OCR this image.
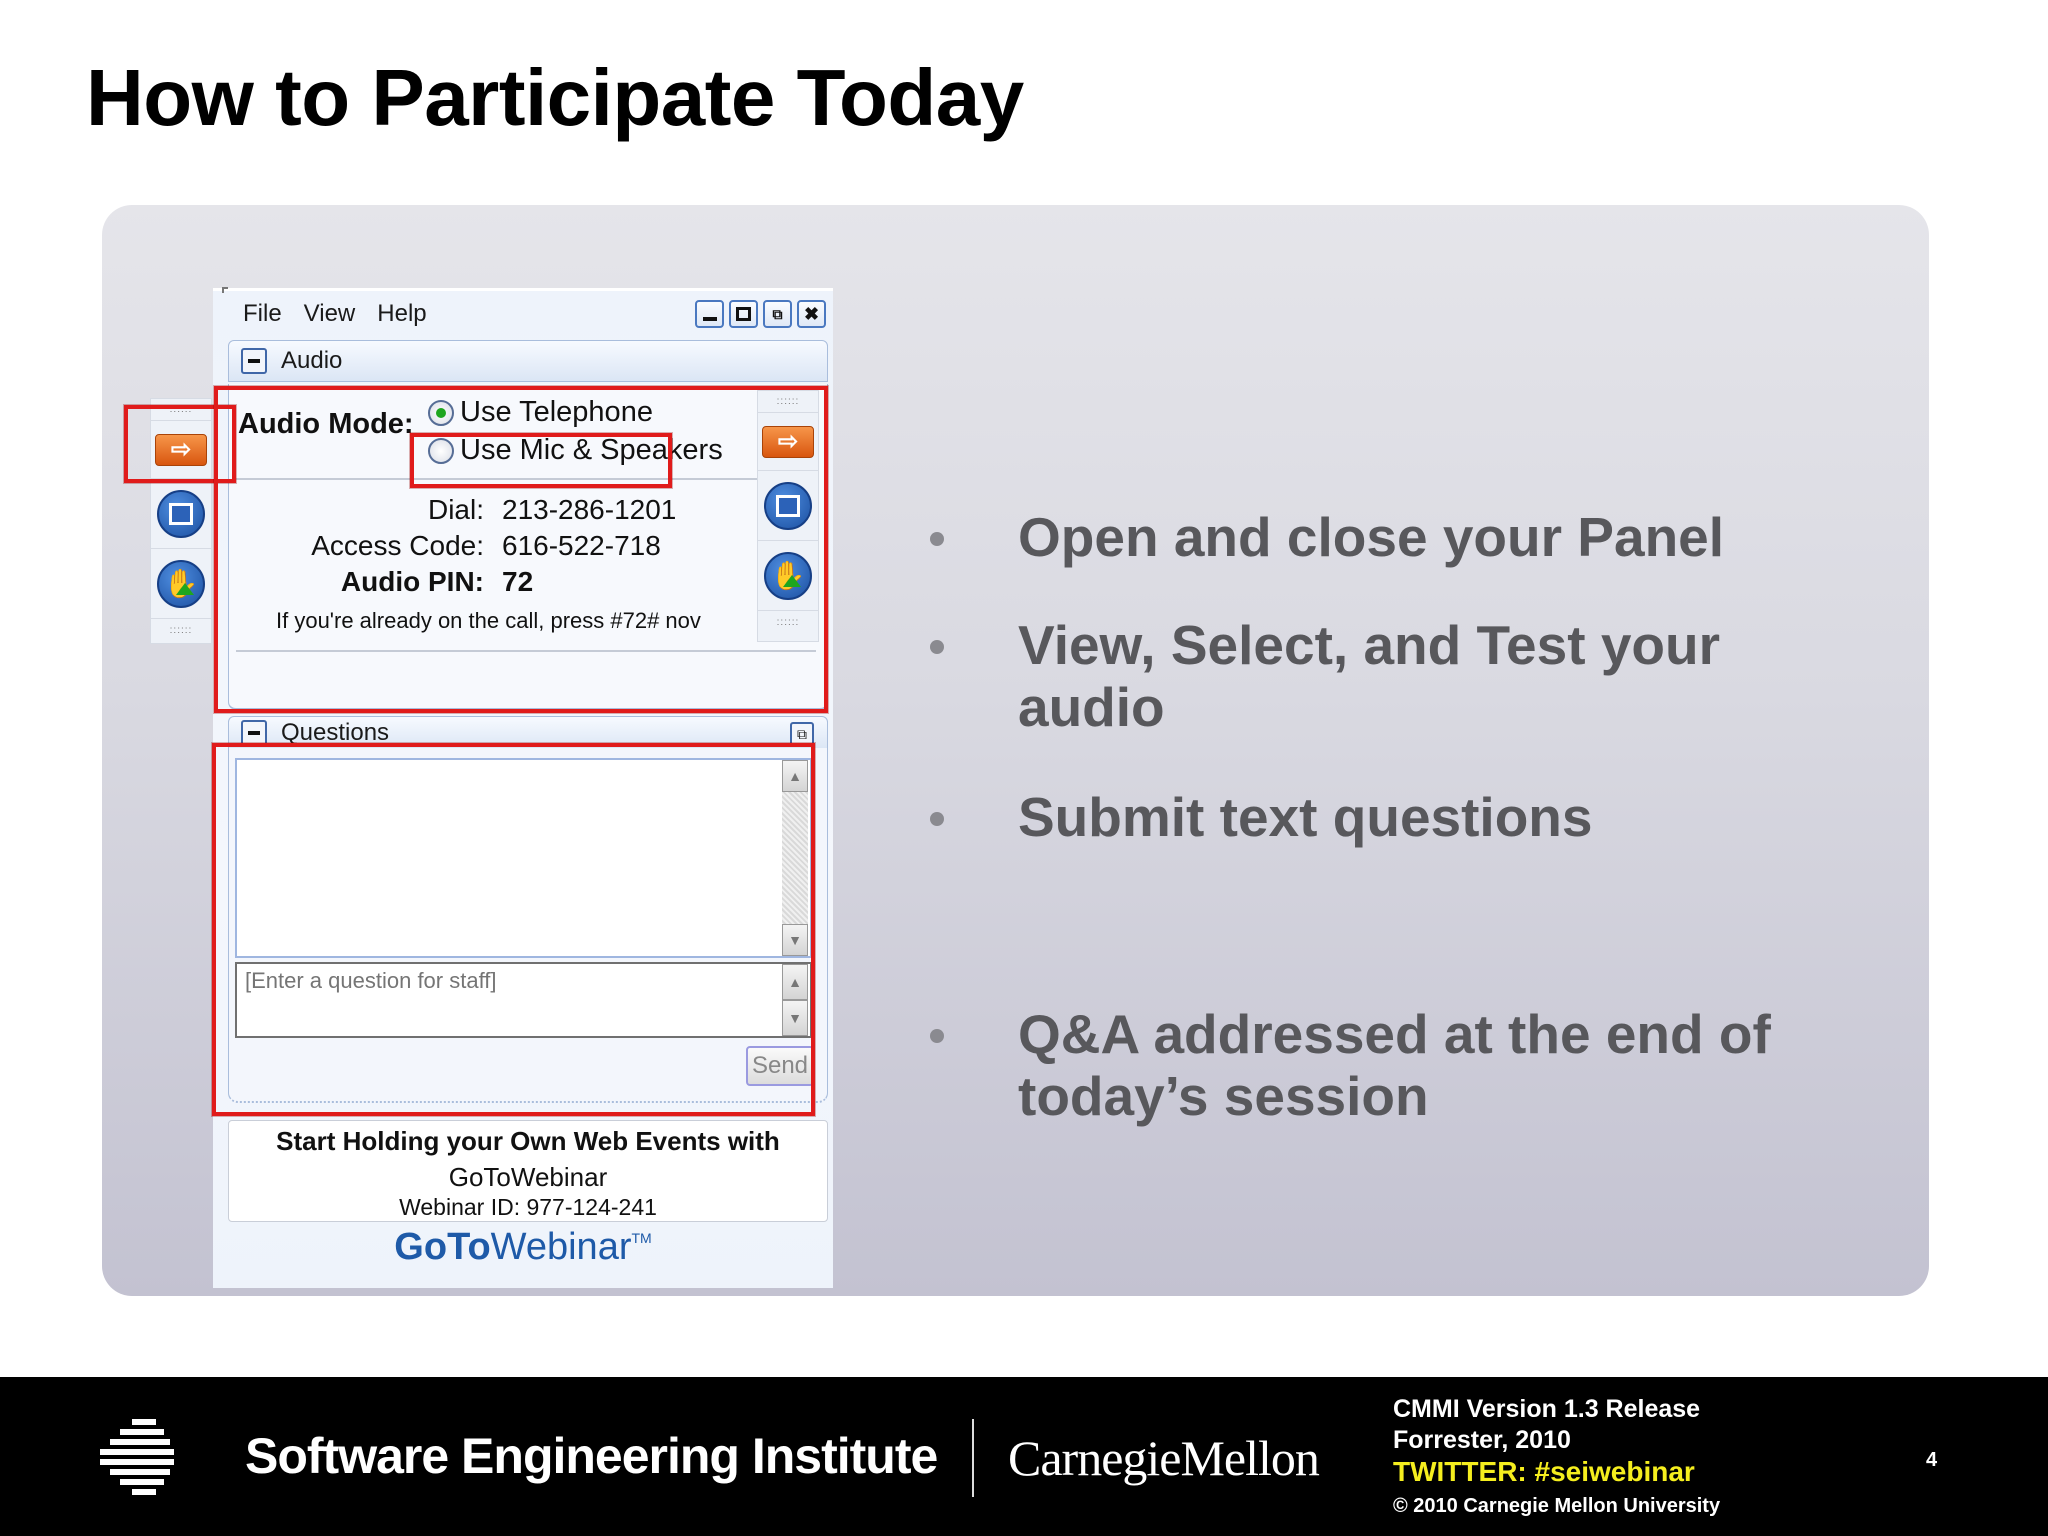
How to Participate Today
File View Help	⧉ ✖
Audio
Audio Mode: Use Telephone
Use Mic & Speakers
Dial: 213-286-1201
Access Code: 616-522-718
Audio PIN: 72
If you're already on the call, press #72# nov
::::::
⇨
✋
::::::
::::::
⇨
✋
::::::
Questions	⧉
▲
▼
[Enter a question for staff]
▲
▼
Send
Start Holding your Own Web Events with
GoToWebinar
Webinar ID: 977-124-241
GoToWebinar™
Open and close your Panel
View, Select, and Test your audio
Submit text questions
Q&A addressed at the end of today’s session
Software Engineering Institute CarnegieMellon
CMMI Version 1.3 Release
Forrester, 2010
TWITTER: #seiwebinar
© 2010 Carnegie Mellon University
4
